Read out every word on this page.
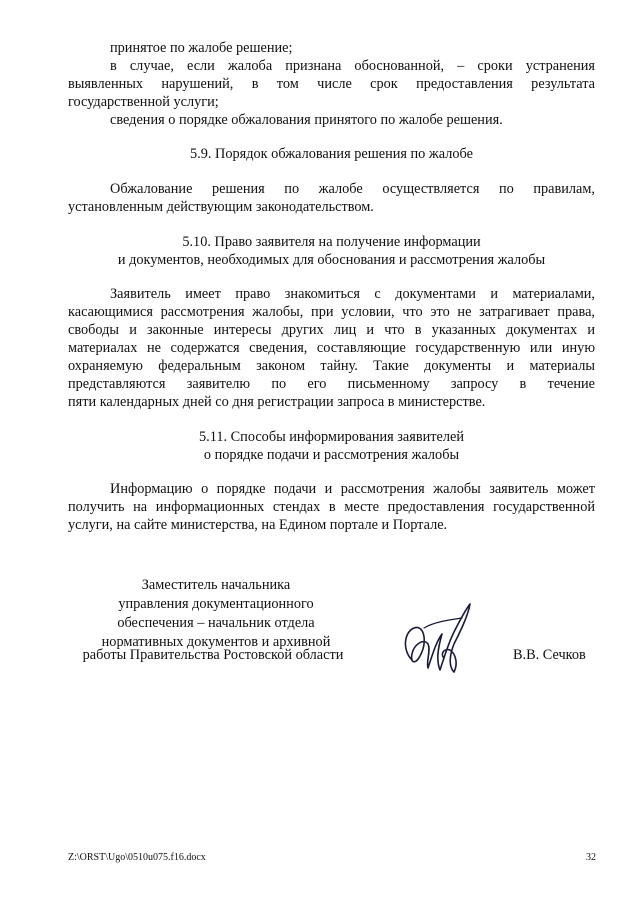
принятое по жалобе решение;
в случае, если жалоба признана обоснованной, – сроки устранения
выявленных нарушений, в том числе срок предоставления результата
государственной услуги;
сведения о порядке обжалования принятого по жалобе решения.
5.9. Порядок обжалования решения по жалобе
Обжалование решения по жалобе осуществляется по правилам,
установленным действующим законодательством.
5.10. Право заявителя на получение информации
и документов, необходимых для обоснования и рассмотрения жалобы
Заявитель имеет право знакомиться с документами и материалами,
касающимися рассмотрения жалобы, при условии, что это не затрагивает права,
свободы и законные интересы других лиц и что в указанных документах и
материалах не содержатся сведения, составляющие государственную или иную
охраняемую федеральным законом тайну. Такие документы и материалы
представляются заявителю по его письменному запросу в течение
пяти календарных дней со дня регистрации запроса в министерстве.
5.11. Способы информирования заявителей
о порядке подачи и рассмотрения жалобы
Информацию о порядке подачи и рассмотрения жалобы заявитель может
получить на информационных стендах в месте предоставления государственной
услуги, на сайте министерства, на Едином портале и Портале.
Заместитель начальника
управления документационного
обеспечения – начальник отдела
нормативных документов и архивной
работы Правительства Ростовской области	В.В. Сечков
Z:\ORST\Ugo\0510u075.f16.docx	32
